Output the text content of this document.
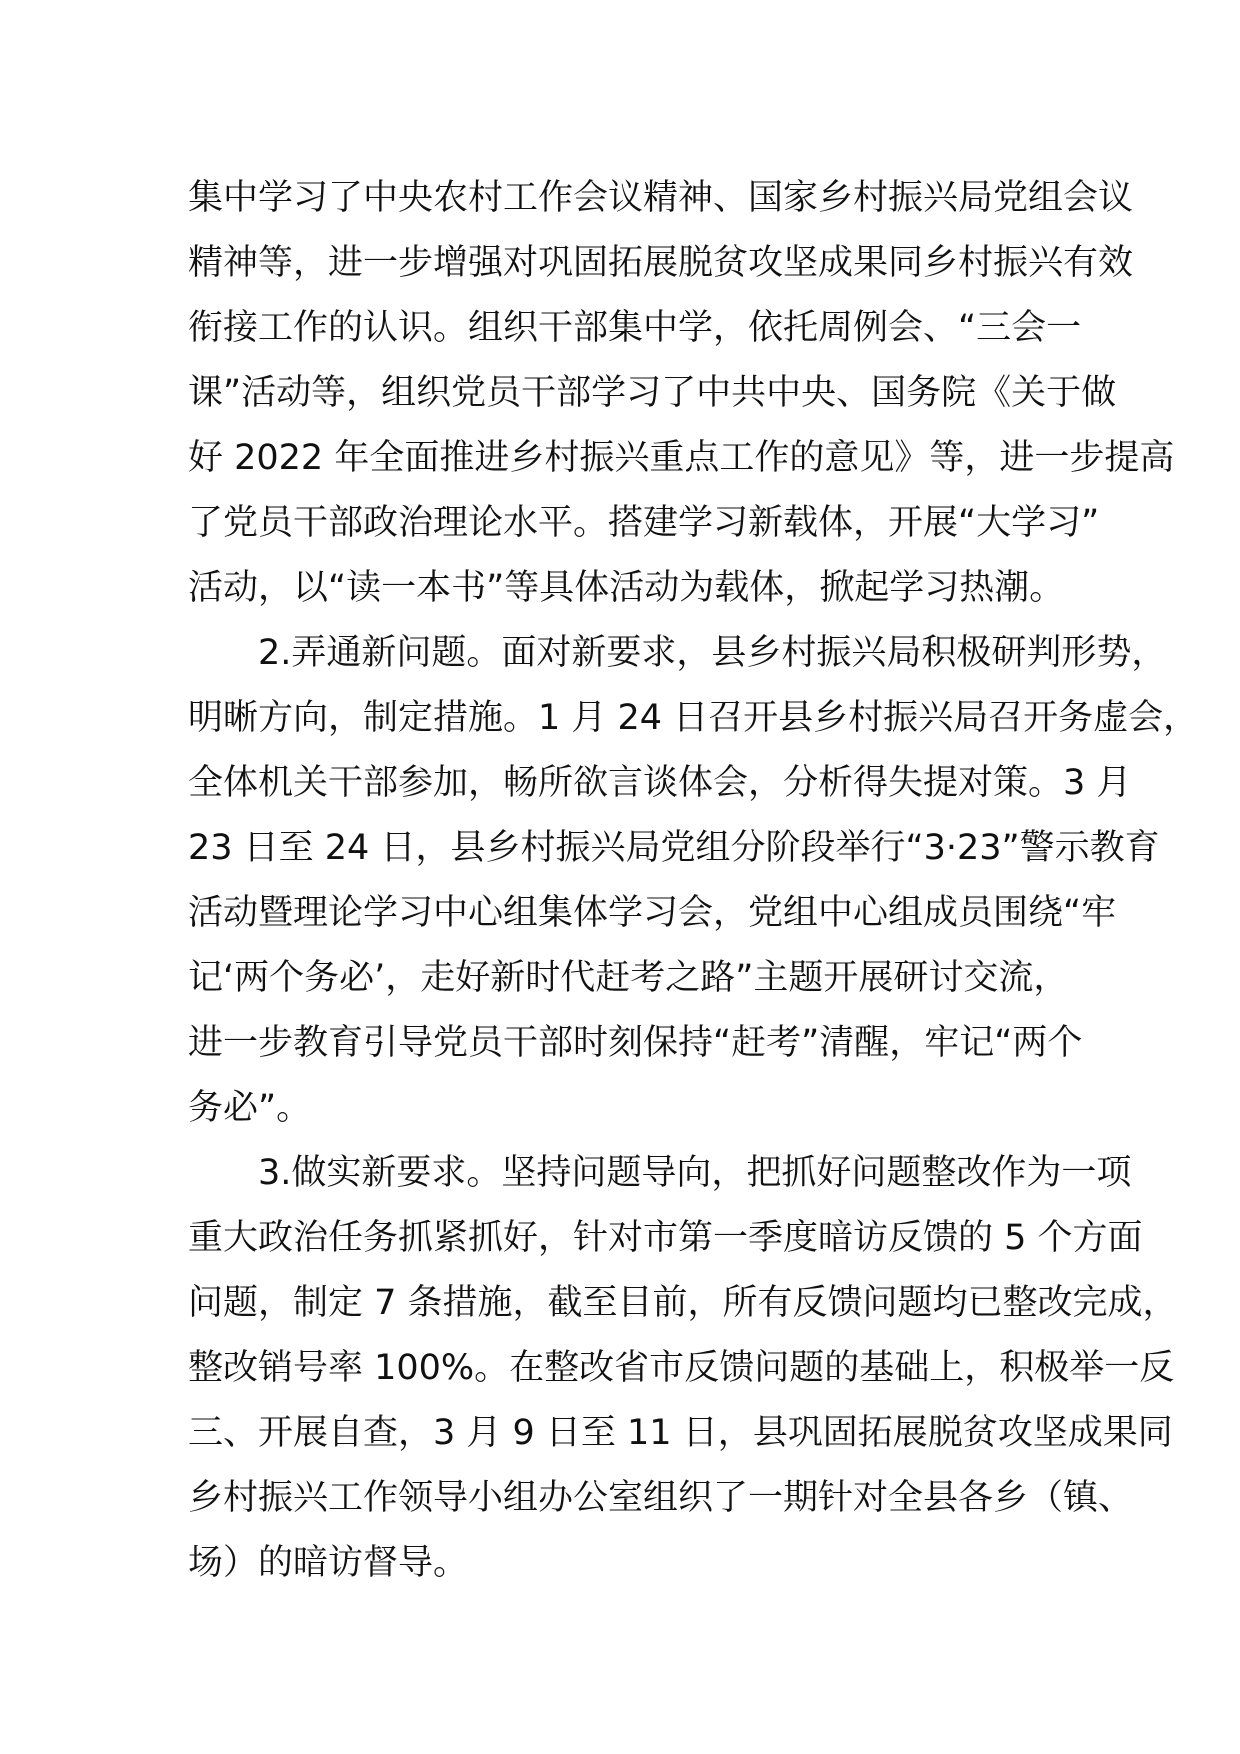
集中学习了中央农村工作会议精神、国家乡村振兴局党组会议
精神等，进一步增强对巩固拓展脱贫攻坚成果同乡村振兴有效
衔接工作的认识。组织干部集中学，依托周例会、“三会一
课”活动等，组织党员干部学习了中共中央、国务院《关于做
好 2022 年全面推进乡村振兴重点工作的意见》等，进一步提高
了党员干部政治理论水平。搭建学习新载体，开展“大学习”
活动，以“读一本书”等具体活动为载体，掀起学习热潮。
　　2.弄通新问题。面对新要求，县乡村振兴局积极研判形势，
明晰方向，制定措施。1 月 24 日召开县乡村振兴局召开务虚会，
全体机关干部参加，畅所欲言谈体会，分析得失提对策。3 月
23 日至 24 日，县乡村振兴局党组分阶段举行“3·23”警示教育
活动暨理论学习中心组集体学习会，党组中心组成员围绕“牢
记‘两个务必’，走好新时代赶考之路”主题开展研讨交流，
进一步教育引导党员干部时刻保持“赶考”清醒，牢记“两个
务必”。
　　3.做实新要求。坚持问题导向，把抓好问题整改作为一项
重大政治任务抓紧抓好，针对市第一季度暗访反馈的 5 个方面
问题，制定 7 条措施，截至目前，所有反馈问题均已整改完成，
整改销号率 100%。在整改省市反馈问题的基础上，积极举一反
三、开展自查，3 月 9 日至 11 日，县巩固拓展脱贫攻坚成果同
乡村振兴工作领导小组办公室组织了一期针对全县各乡（镇、
场）的暗访督导。
